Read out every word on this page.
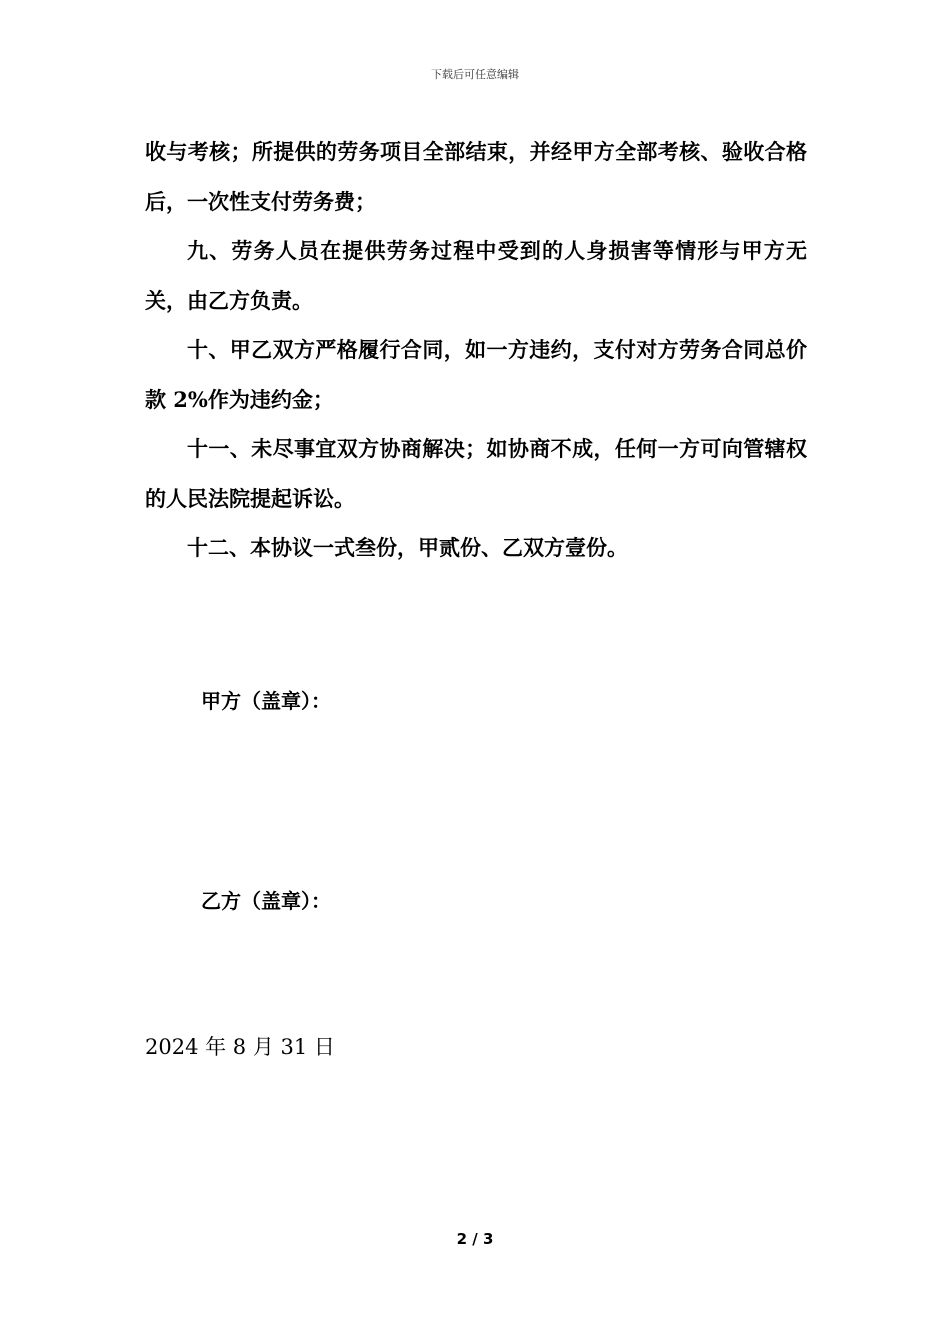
下载后可任意编辑

收与考核；所提供的劳务项目全部结束，并经甲方全部考核、验收合格后，一次性支付劳务费；

九、劳务人员在提供劳务过程中受到的人身损害等情形与甲方无关，由乙方负责。

十、甲乙双方严格履行合同，如一方违约，支付对方劳务合同总价款 2%作为违约金；

十一、未尽事宜双方协商解决；如协商不成，任何一方可向管辖权的人民法院提起诉讼。

十二、本协议一式叁份，甲贰份、乙双方壹份。

甲方（盖章）：
乙方（盖章）：
2024 年 8 月 31 日
2 / 3
